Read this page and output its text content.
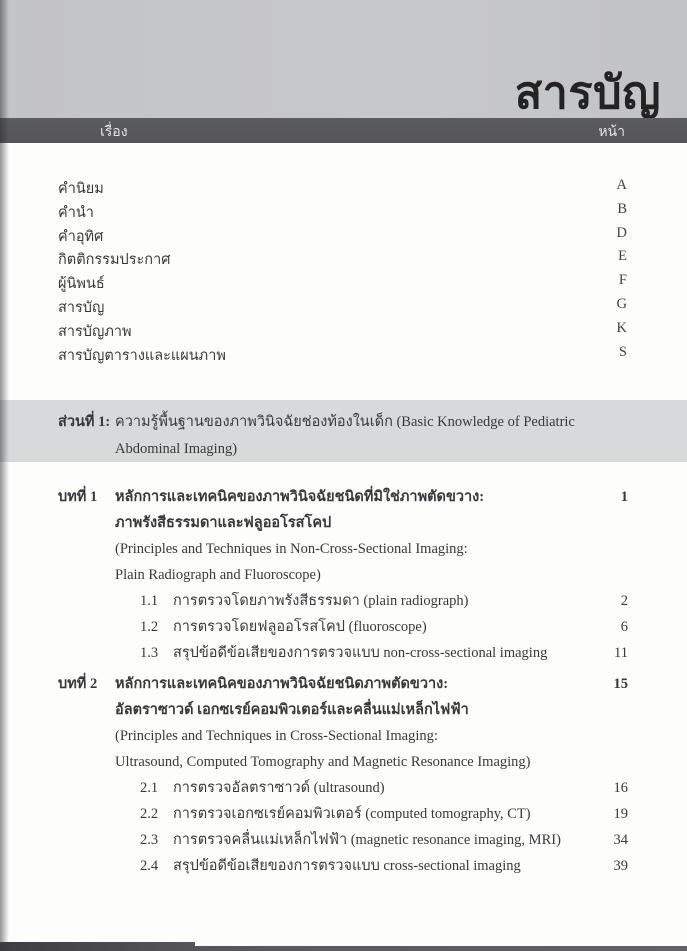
สารบัญ
เรื่อง	หน้า
คำนิยม	A
คำนำ	B
คำอุทิศ	D
กิตติกรรมประกาศ	E
ผู้นิพนธ์	F
สารบัญ	G
สารบัญภาพ	K
สารบัญตารางและแผนภาพ	S
ส่วนที่ 1: ความรู้พื้นฐานของภาพวินิจฉัยช่องท้องในเด็ก (Basic Knowledge of Pediatric
Abdominal Imaging)
บทที่ 1	หลักการและเทคนิคของภาพวินิจฉัยชนิดที่มิใช่ภาพตัดขวาง:	1
ภาพรังสีธรรมดาและฟลูออโรสโคป
(Principles and Techniques in Non-Cross-Sectional Imaging:
Plain Radiograph and Fluoroscope)
1.1	การตรวจโดยภาพรังสีธรรมดา (plain radiograph)	2
1.2	การตรวจโดยฟลูออโรสโคป (fluoroscope)	6
1.3	สรุปข้อดีข้อเสียของการตรวจแบบ non-cross-sectional imaging	11
บทที่ 2	หลักการและเทคนิคของภาพวินิจฉัยชนิดภาพตัดขวาง:	15
อัลตราซาวด์ เอกซเรย์คอมพิวเตอร์และคลื่นแม่เหล็กไฟฟ้า
(Principles and Techniques in Cross-Sectional Imaging:
Ultrasound, Computed Tomography and Magnetic Resonance Imaging)
2.1	การตรวจอัลตราซาวด์ (ultrasound)	16
2.2	การตรวจเอกซเรย์คอมพิวเตอร์ (computed tomography, CT)	19
2.3	การตรวจคลื่นแม่เหล็กไฟฟ้า (magnetic resonance imaging, MRI)	34
2.4	สรุปข้อดีข้อเสียของการตรวจแบบ cross-sectional imaging	39
